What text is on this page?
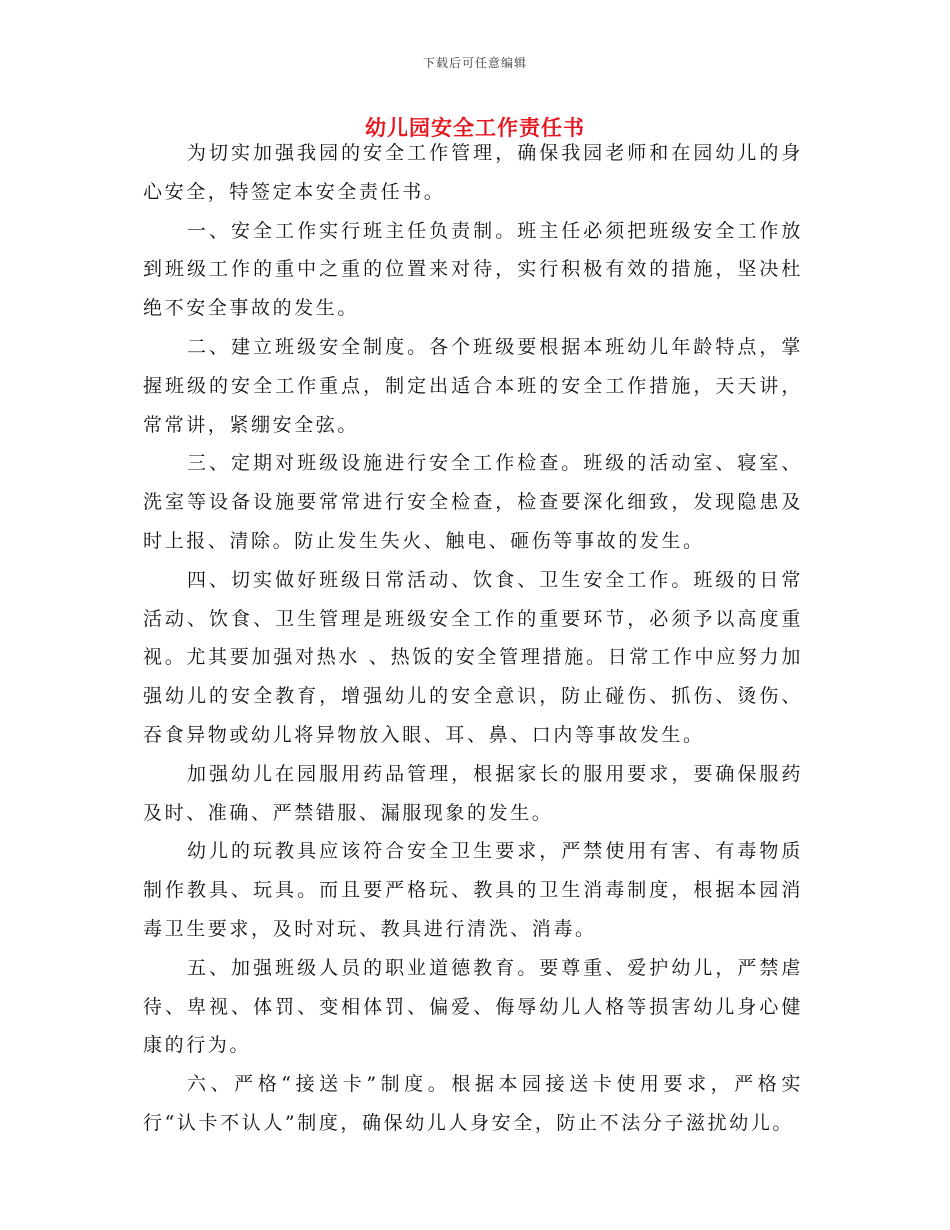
下载后可任意编辑
幼儿园安全工作责任书

为切实加强我园的安全工作管理，确保我园老师和在园幼儿的身心安全，特签定本安全责任书。

一、安全工作实行班主任负责制。班主任必须把班级安全工作放到班级工作的重中之重的位置来对待，实行积极有效的措施，坚决杜绝不安全事故的发生。

二、建立班级安全制度。各个班级要根据本班幼儿年龄特点，掌握班级的安全工作重点，制定出适合本班的安全工作措施，天天讲，常常讲，紧绷安全弦。

三、定期对班级设施进行安全工作检查。班级的活动室、寝室、洗室等设备设施要常常进行安全检查，检查要深化细致，发现隐患及时上报、清除。防止发生失火、触电、砸伤等事故的发生。

四、切实做好班级日常活动、饮食、卫生安全工作。班级的日常活动、饮食、卫生管理是班级安全工作的重要环节，必须予以高度重视。尤其要加强对热水 、热饭的安全管理措施。日常工作中应努力加强幼儿的安全教育，增强幼儿的安全意识，防止碰伤、抓伤、烫伤、吞食异物或幼儿将异物放入眼、耳、鼻、口内等事故发生。

加强幼儿在园服用药品管理，根据家长的服用要求，要确保服药及时、准确、严禁错服、漏服现象的发生。

幼儿的玩教具应该符合安全卫生要求，严禁使用有害、有毒物质制作教具、玩具。而且要严格玩、教具的卫生消毒制度，根据本园消毒卫生要求，及时对玩、教具进行清洗、消毒。

五、加强班级人员的职业道德教育。要尊重、爱护幼儿，严禁虐待、卑视、体罚、变相体罚、偏爱、侮辱幼儿人格等损害幼儿身心健康的行为。

六、严格“接送卡”制度。根据本园接送卡使用要求，严格实行“认卡不认人”制度，确保幼儿人身安全，防止不法分子滋扰幼儿。
